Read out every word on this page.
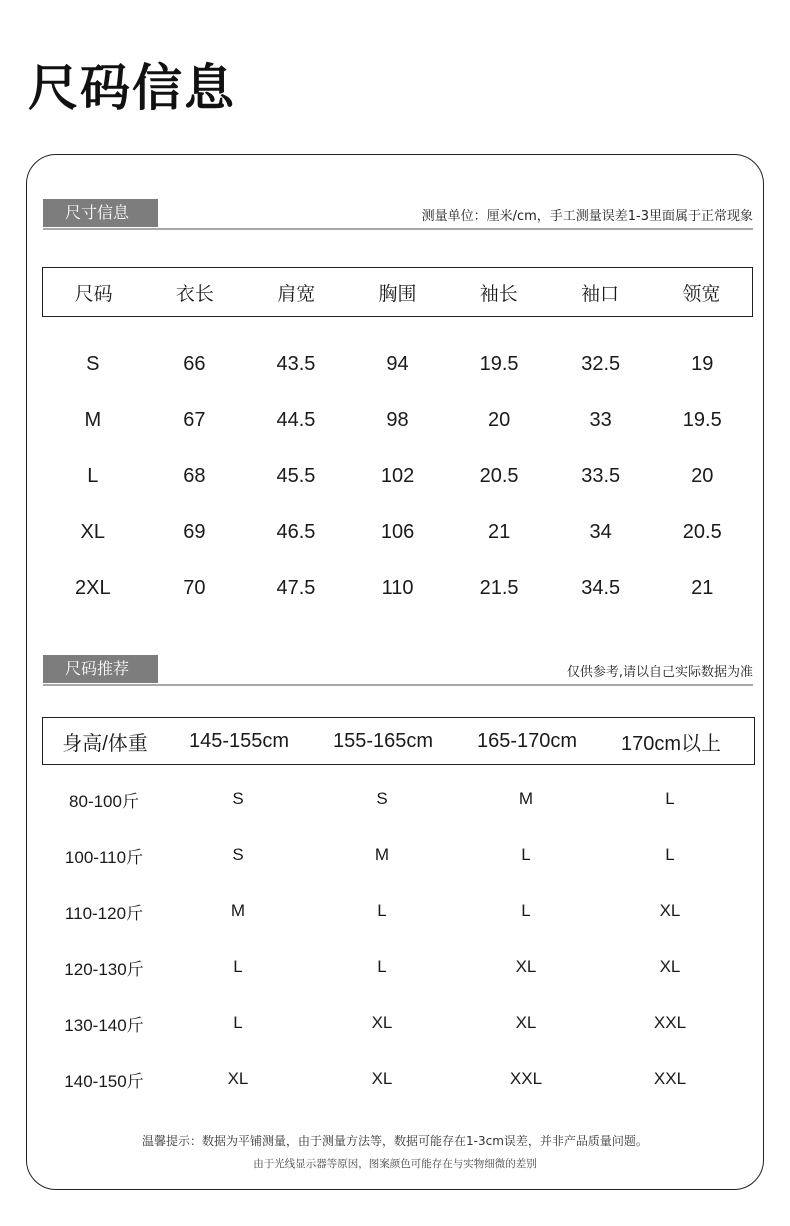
尺码信息
尺寸信息	测量单位：厘米/cm，手工测量误差1-3里面属于正常现象
尺码	衣长	肩宽	胸围	袖长	袖口	领宽
S	66	43.5	94	19.5	32.5	19
M	67	44.5	98	20	33	19.5
L	68	45.5	102	20.5	33.5	20
XL	69	46.5	106	21	34	20.5
2XL	70	47.5	110	21.5	34.5	21
尺码推荐	仅供参考,请以自己实际数据为准
身高/体重	145-155cm	155-165cm	165-170cm	170cm以上
80-100斤	S	S	M	L
100-110斤	S	M	L	L
110-120斤	M	L	L	XL
120-130斤	L	L	XL	XL
130-140斤	L	XL	XL	XXL
140-150斤	XL	XL	XXL	XXL
温馨提示：数据为平铺测量，由于测量方法等，数据可能存在1-3cm误差，并非产品质量问题。
由于光线显示器等原因，图案颜色可能存在与实物细微的差别
